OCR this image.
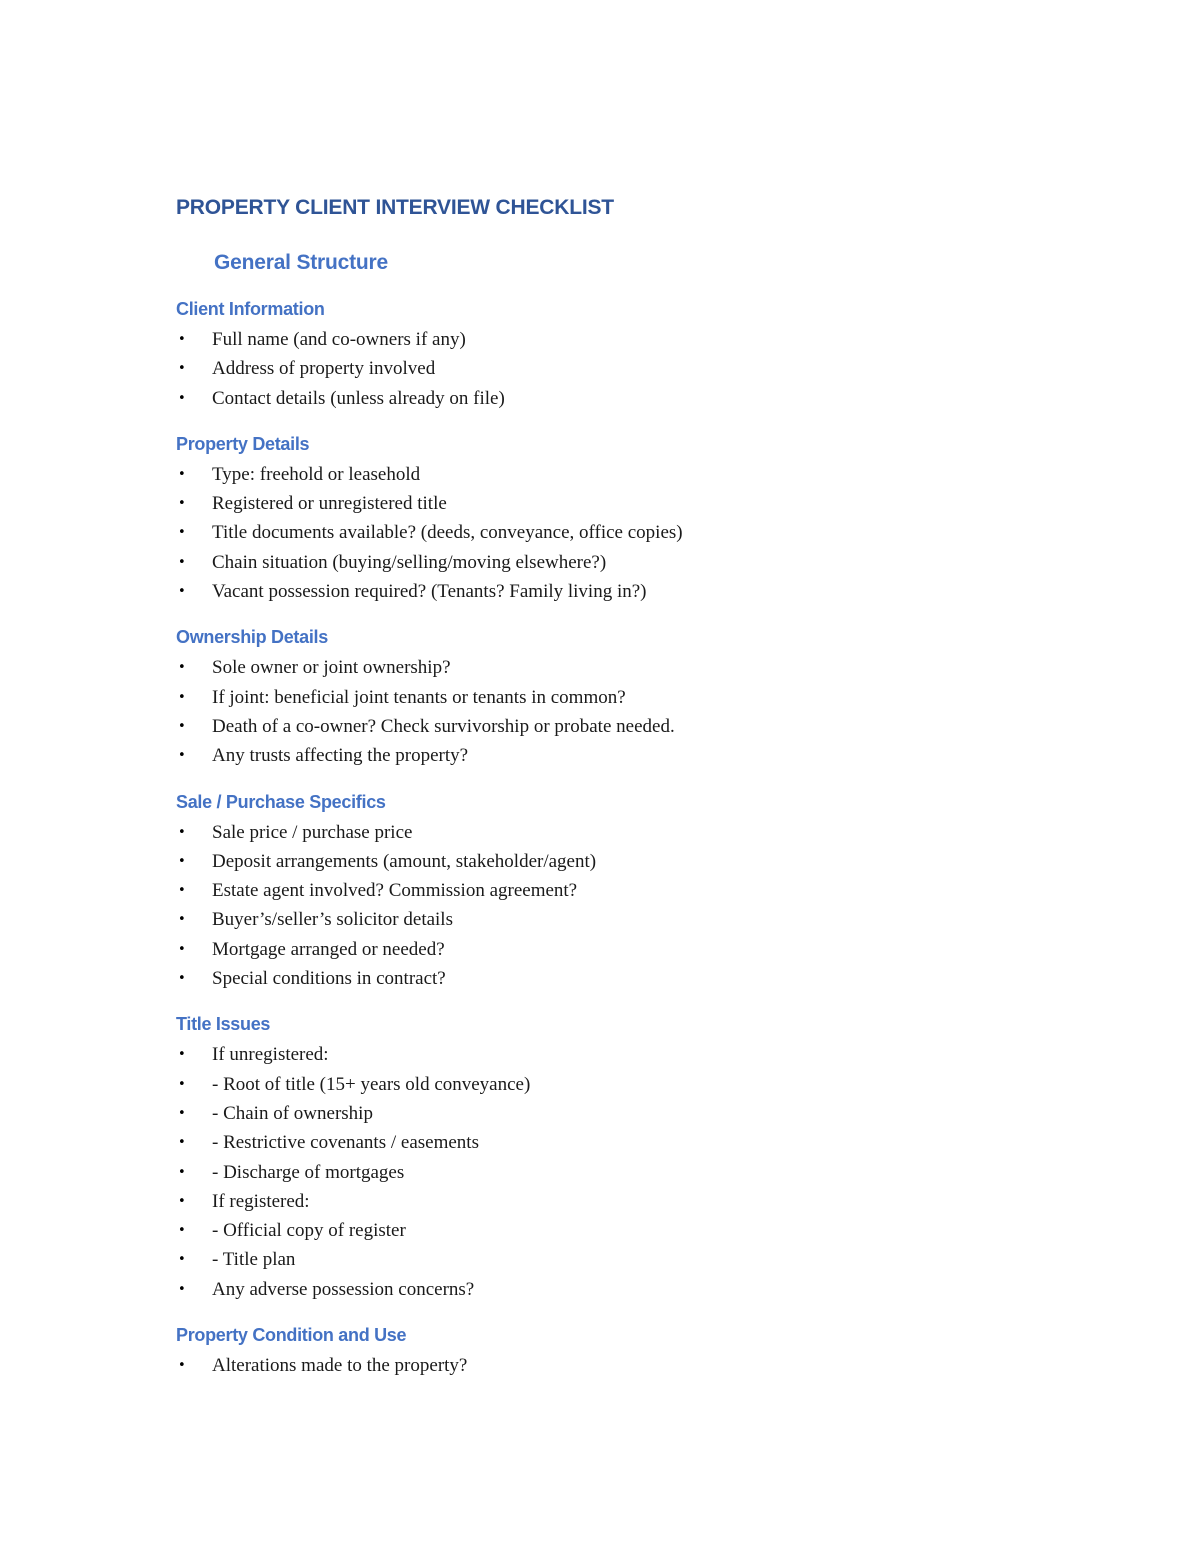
PROPERTY CLIENT INTERVIEW CHECKLIST
General Structure
Client Information
• Full name (and co-owners if any)
• Address of property involved
• Contact details (unless already on file)
Property Details
• Type: freehold or leasehold
• Registered or unregistered title
• Title documents available? (deeds, conveyance, office copies)
• Chain situation (buying/selling/moving elsewhere?)
• Vacant possession required? (Tenants? Family living in?)
Ownership Details
• Sole owner or joint ownership?
• If joint: beneficial joint tenants or tenants in common?
• Death of a co-owner? Check survivorship or probate needed.
• Any trusts affecting the property?
Sale / Purchase Specifics
• Sale price / purchase price
• Deposit arrangements (amount, stakeholder/agent)
• Estate agent involved? Commission agreement?
• Buyer’s/seller’s solicitor details
• Mortgage arranged or needed?
• Special conditions in contract?
Title Issues
• If unregistered:
• - Root of title (15+ years old conveyance)
• - Chain of ownership
• - Restrictive covenants / easements
• - Discharge of mortgages
• If registered:
• - Official copy of register
• - Title plan
• Any adverse possession concerns?
Property Condition and Use
• Alterations made to the property?
